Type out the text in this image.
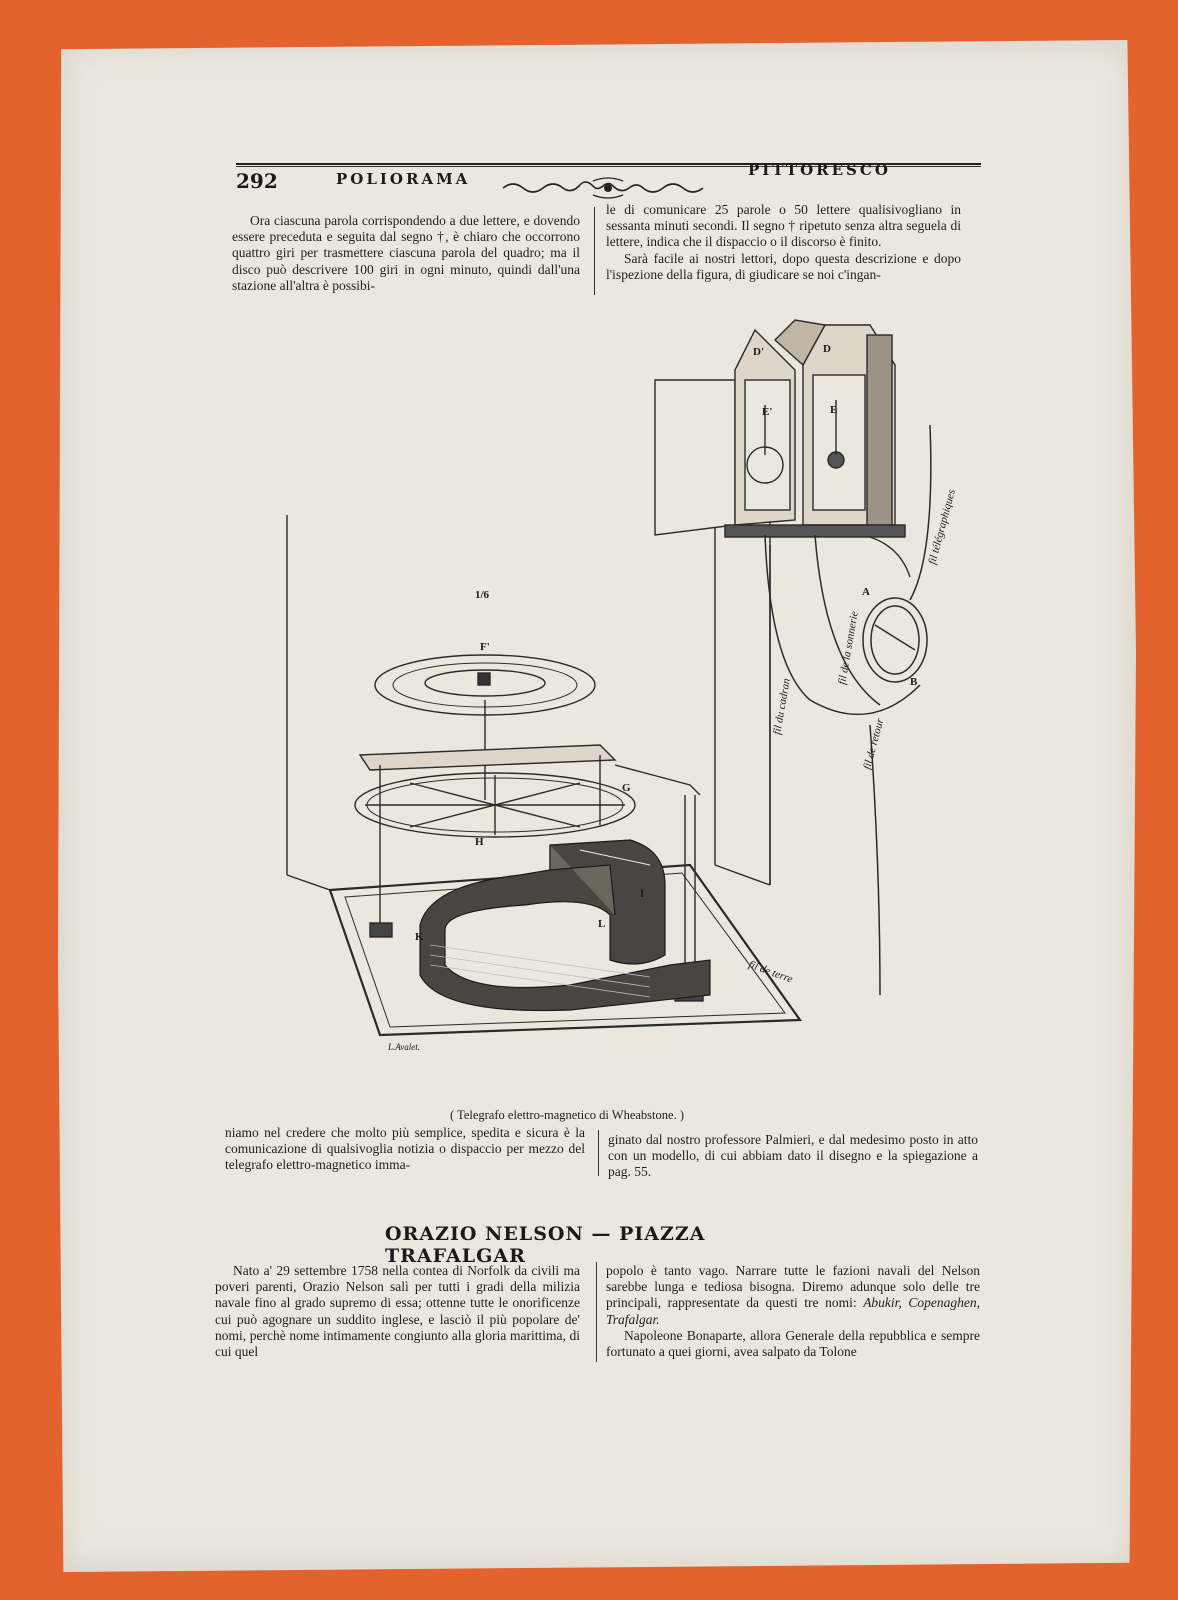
292	POLIORAMA	PITTORESCO

Ora ciascuna parola corrispondendo a due lettere, e dovendo essere preceduta e seguita dal segno †, è chiaro che occorrono quattro giri per trasmettere ciascuna parola del quadro; ma il disco può descrivere 100 giri in ogni minuto, quindi dall'una stazione all'altra è possibi-

le di comunicare 25 parole o 50 lettere qualisivogliano in sessanta minuti secondi. Il segno † ripetuto senza altra seguela di lettere, indica che il dispaccio o il discorso è finito.

Sarà facile ai nostri lettori, dopo questa descrizione e dopo l'ispezione della figura, di giudicare se noi c'ingan-

1/6
F'
G
H
I
K
L
D'	D
E'	E
A
B
fil du cadran
fil de la sonnerie
fil télégraphiques
fil de retour
fil de terre
L.Avalet.
( Telegrafo elettro-magnetico di Wheabstone. )

niamo nel credere che molto più semplice, spedita e sicura è la comunicazione di qualsivoglia notizia o dispaccio per mezzo del telegrafo elettro-magnetico imma-

ginato dal nostro professore Palmieri, e dal medesimo posto in atto con un modello, di cui abbiam dato il disegno e la spiegazione a pag. 55.

ORAZIO NELSON — PIAZZA TRAFALGAR

Nato a' 29 settembre 1758 nella contea di Norfolk da civili ma poveri parenti, Orazio Nelson salì per tutti i gradi della milizia navale fino al grado supremo di essa; ottenne tutte le onorificenze cui può agognare un suddito inglese, e lasciò il più popolare de' nomi, perchè nome intimamente congiunto alla gloria marittima, di cui quel

popolo è tanto vago. Narrare tutte le fazioni navali del Nelson sarebbe lunga e tediosa bisogna. Diremo adunque solo delle tre principali, rappresentate da questi tre nomi: Abukir, Copenaghen, Trafalgar.

Napoleone Bonaparte, allora Generale della repubblica e sempre fortunato a quei giorni, avea salpato da Tolone
